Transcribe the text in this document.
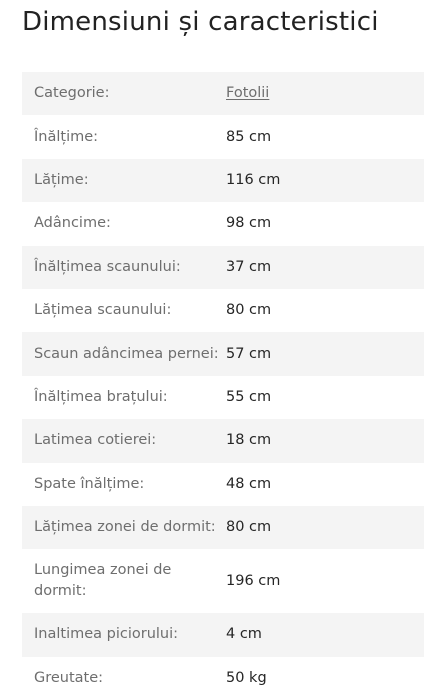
Dimensiuni și caracteristici
Categorie:	Fotolii
Înălțime:	85 cm
Lățime:	116 cm
Adâncime:	98 cm
Înălțimea scaunului:	37 cm
Lățimea scaunului:	80 cm
Scaun adâncimea pernei: 57 cm
Înălțimea brațului:	55 cm
Latimea cotierei:	18 cm
Spate înălțime:	48 cm
Lățimea zonei de dormit: 80 cm
Lungimea zonei de dormit:
196 cm
Inaltimea piciorului:	4 cm
Greutate:	50 kg
